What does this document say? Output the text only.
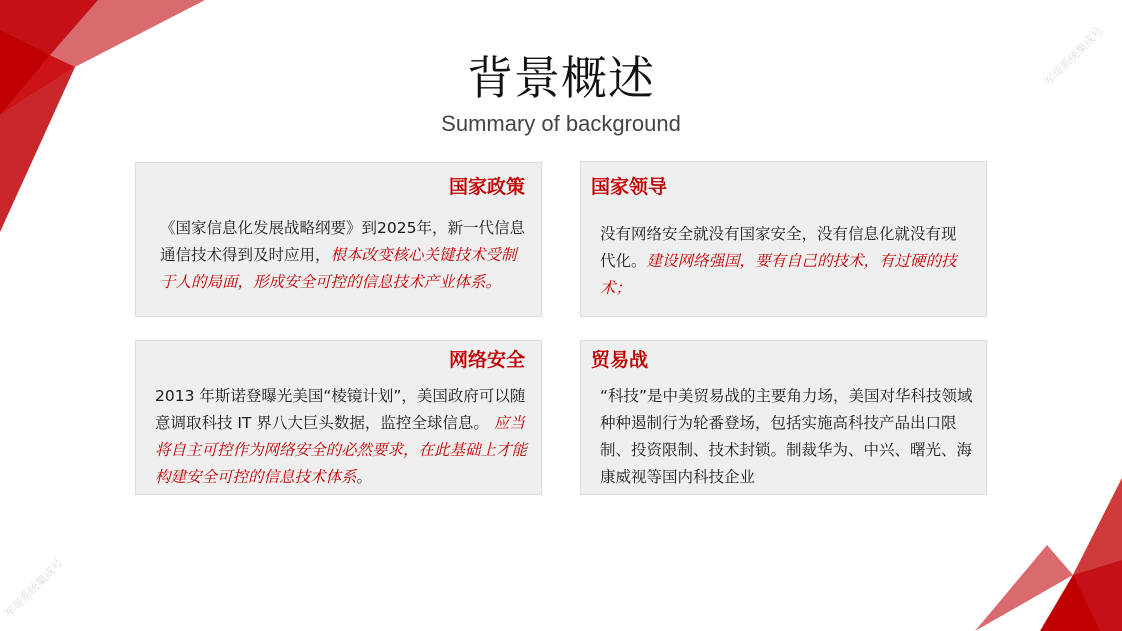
军哥系统集成号
军哥系统集成号
背景概述
Summary of background
国家政策
《国家信息化发展战略纲要》到2025年，新一代信息通信技术得到及时应用，根本改变核心关键技术受制于人的局面，形成安全可控的信息技术产业体系。
国家领导
没有网络安全就没有国家安全，没有信息化就没有现代化。建设网络强国，要有自己的技术，有过硬的技术；
网络安全
2013 年斯诺登曝光美国“棱镜计划”，美国政府可以随意调取科技 IT 界八大巨头数据，监控全球信息。 应当将自主可控作为网络安全的必然要求，在此基础上才能构建安全可控的信息技术体系。
贸易战
“科技”是中美贸易战的主要角力场，美国对华科技领域种种遏制行为轮番登场，包括实施高科技产品出口限制、投资限制、技术封锁。制裁华为、中兴、曙光、海康威视等国内科技企业
